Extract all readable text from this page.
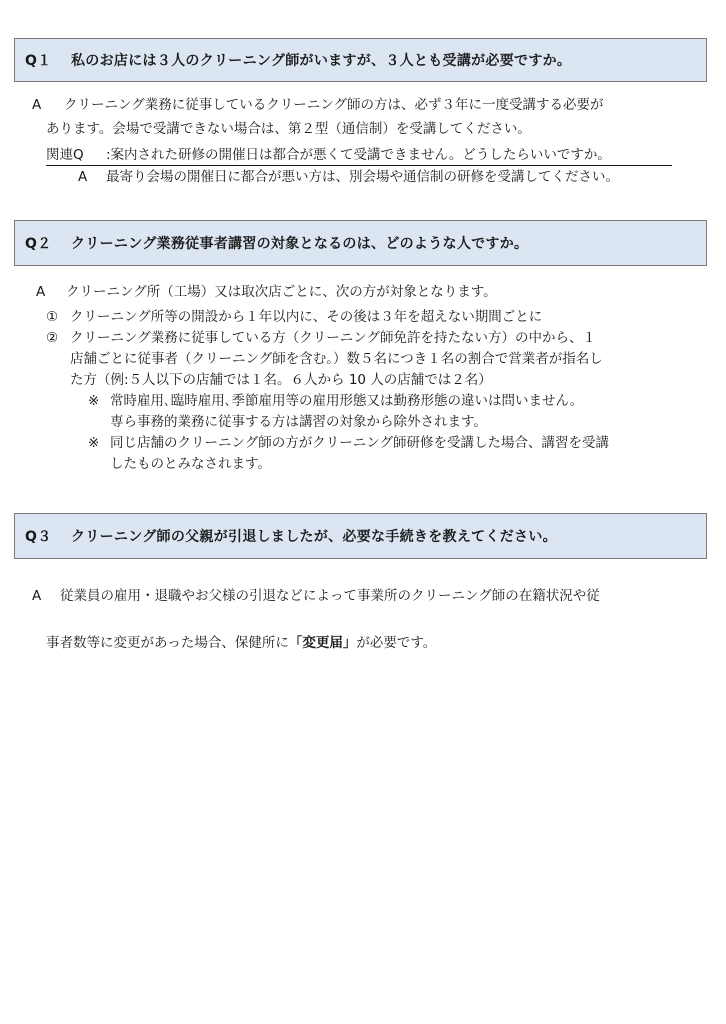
Q１	私のお店には３人のクリーニング師がいますが、３人とも受講が必要ですか。
A クリーニング業務に従事しているクリーニング師の方は、必ず３年に一度受講する必要が
あります。会場で受講できない場合は、第２型（通信制）を受講してください。
関連Q :案内された研修の開催日は都合が悪くて受講できません。どうしたらいいですか。
A 最寄り会場の開催日に都合が悪い方は、別会場や通信制の研修を受講してください。
Q２	クリーニング業務従事者講習の対象となるのは、どのような人ですか。
A クリーニング所（工場）又は取次店ごとに、次の方が対象となります。
① クリーニング所等の開設から１年以内に、その後は３年を超えない期間ごとに
② クリーニング業務に従事している方（クリーニング師免許を持たない方）の中から、１
店舗ごとに従事者（クリーニング師を含む。）数５名につき１名の割合で営業者が指名し
た方（例:５人以下の店舗では１名。６人から 10 人の店舗では２名）
※ 常時雇用､臨時雇用､季節雇用等の雇用形態又は勤務形態の違いは問いません。
専ら事務的業務に従事する方は講習の対象から除外されます。
※ 同じ店舗のクリーニング師の方がクリーニング師研修を受講した場合、講習を受講
したものとみなされます。
Q３	クリーニング師の父親が引退しましたが、必要な手続きを教えてください。
A 従業員の雇用・退職やお父様の引退などによって事業所のクリーニング師の在籍状況や従
事者数等に変更があった場合、保健所に「変更届」が必要です。
